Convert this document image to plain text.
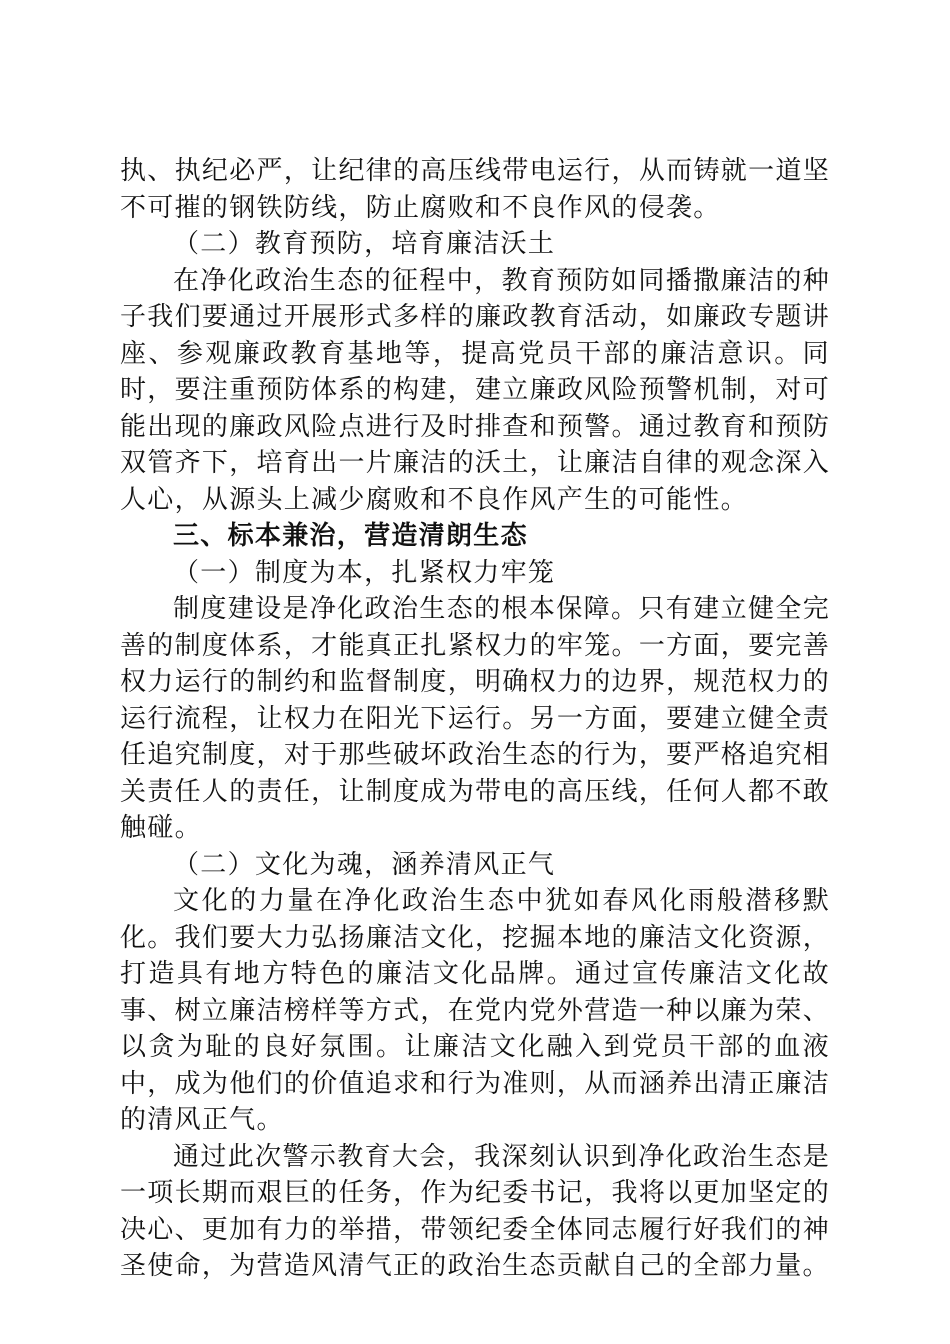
执、执纪必严，让纪律的高压线带电运行，从而铸就一道坚不可摧的钢铁防线，防止腐败和不良作风的侵袭。

（二）教育预防，培育廉洁沃土

在净化政治生态的征程中，教育预防如同播撒廉洁的种子我们要通过开展形式多样的廉政教育活动，如廉政专题讲座、参观廉政教育基地等，提高党员干部的廉洁意识。同时，要注重预防体系的构建，建立廉政风险预警机制，对可能出现的廉政风险点进行及时排查和预警。通过教育和预防双管齐下，培育出一片廉洁的沃土，让廉洁自律的观念深入人心，从源头上减少腐败和不良作风产生的可能性。

三、标本兼治，营造清朗生态

（一）制度为本，扎紧权力牢笼

制度建设是净化政治生态的根本保障。只有建立健全完善的制度体系，才能真正扎紧权力的牢笼。一方面，要完善权力运行的制约和监督制度，明确权力的边界，规范权力的运行流程，让权力在阳光下运行。另一方面，要建立健全责任追究制度，对于那些破坏政治生态的行为，要严格追究相关责任人的责任，让制度成为带电的高压线，任何人都不敢触碰。

（二）文化为魂，涵养清风正气

文化的力量在净化政治生态中犹如春风化雨般潜移默化。我们要大力弘扬廉洁文化，挖掘本地的廉洁文化资源，打造具有地方特色的廉洁文化品牌。通过宣传廉洁文化故事、树立廉洁榜样等方式，在党内党外营造一种以廉为荣、以贪为耻的良好氛围。让廉洁文化融入到党员干部的血液中，成为他们的价值追求和行为准则，从而涵养出清正廉洁的清风正气。

通过此次警示教育大会，我深刻认识到净化政治生态是一项长期而艰巨的任务，作为纪委书记，我将以更加坚定的决心、更加有力的举措，带领纪委全体同志履行好我们的神圣使命，为营造风清气正的政治生态贡献自己的全部力量。
